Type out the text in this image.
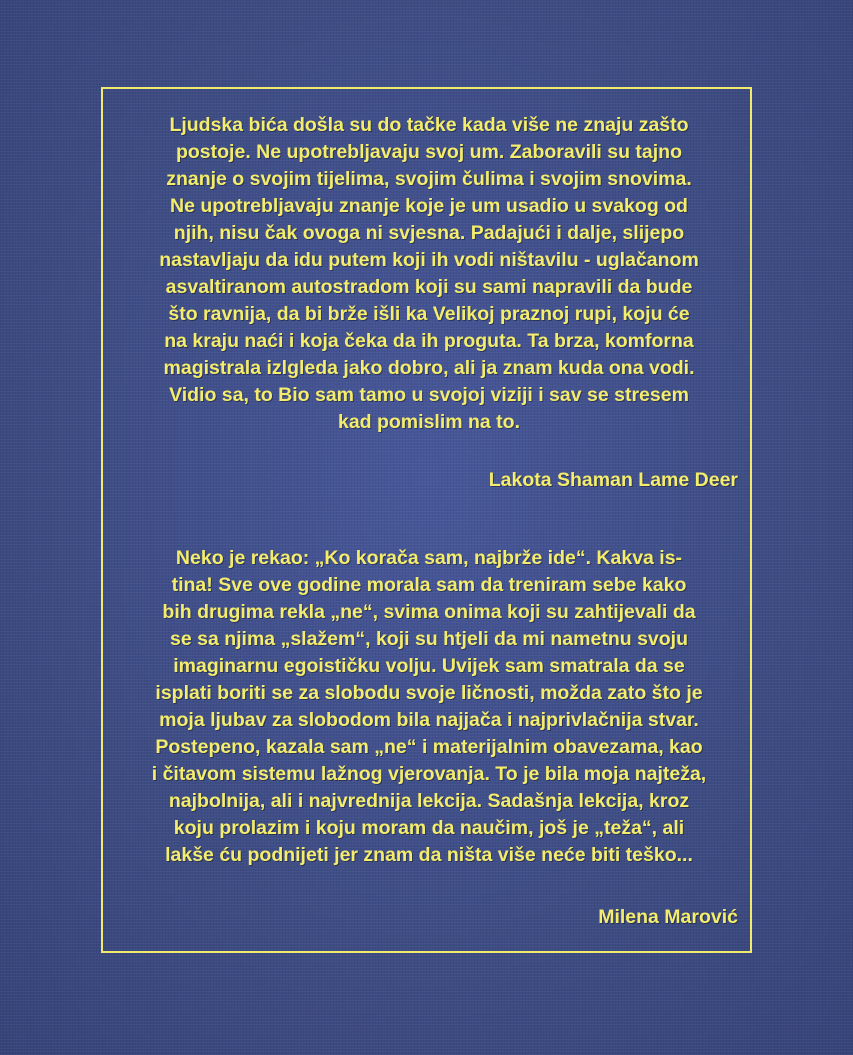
Ljudska bića došla su do tačke kada više ne znaju zašto
postoje. Ne upotrebljavaju svoj um. Zaboravili su tajno
znanje o svojim tijelima, svojim čulima i svojim snovima.
Ne upotrebljavaju znanje koje je um usadio u svakog od
njih, nisu čak ovoga ni svjesna. Padajući i dalje, slijepo
nastavljaju da idu putem koji ih vodi ništavilu - uglačanom
asvaltiranom autostradom koji su sami napravili da bude
što ravnija, da bi brže išli ka Velikoj praznoj rupi, koju će
na kraju naći i koja čeka da ih proguta. Ta brza, komforna
magistrala izlgleda jako dobro, ali ja znam kuda ona vodi.
Vidio sa, to Bio sam tamo u svojoj viziji i sav se stresem
kad pomislim na to.
Lakota Shaman Lame Deer
Neko je rekao: „Ko korača sam, najbrže ide“. Kakva is-
tina! Sve ove godine morala sam da treniram sebe kako
bih drugima rekla „ne“, svima onima koji su zahtijevali da
se sa njima „slažem“, koji su htjeli da mi nametnu svoju
imaginarnu egoističku volju. Uvijek sam smatrala da se
isplati boriti se za slobodu svoje ličnosti, možda zato što je
moja ljubav za slobodom bila najjača i najprivlačnija stvar.
Postepeno, kazala sam „ne“ i materijalnim obavezama, kao
i čitavom sistemu lažnog vjerovanja. To je bila moja najteža,
najbolnija, ali i najvrednija lekcija. Sadašnja lekcija, kroz
koju prolazim i koju moram da naučim, još je „teža“, ali
lakše ću podnijeti jer znam da ništa više neće biti teško...
Milena Marović
